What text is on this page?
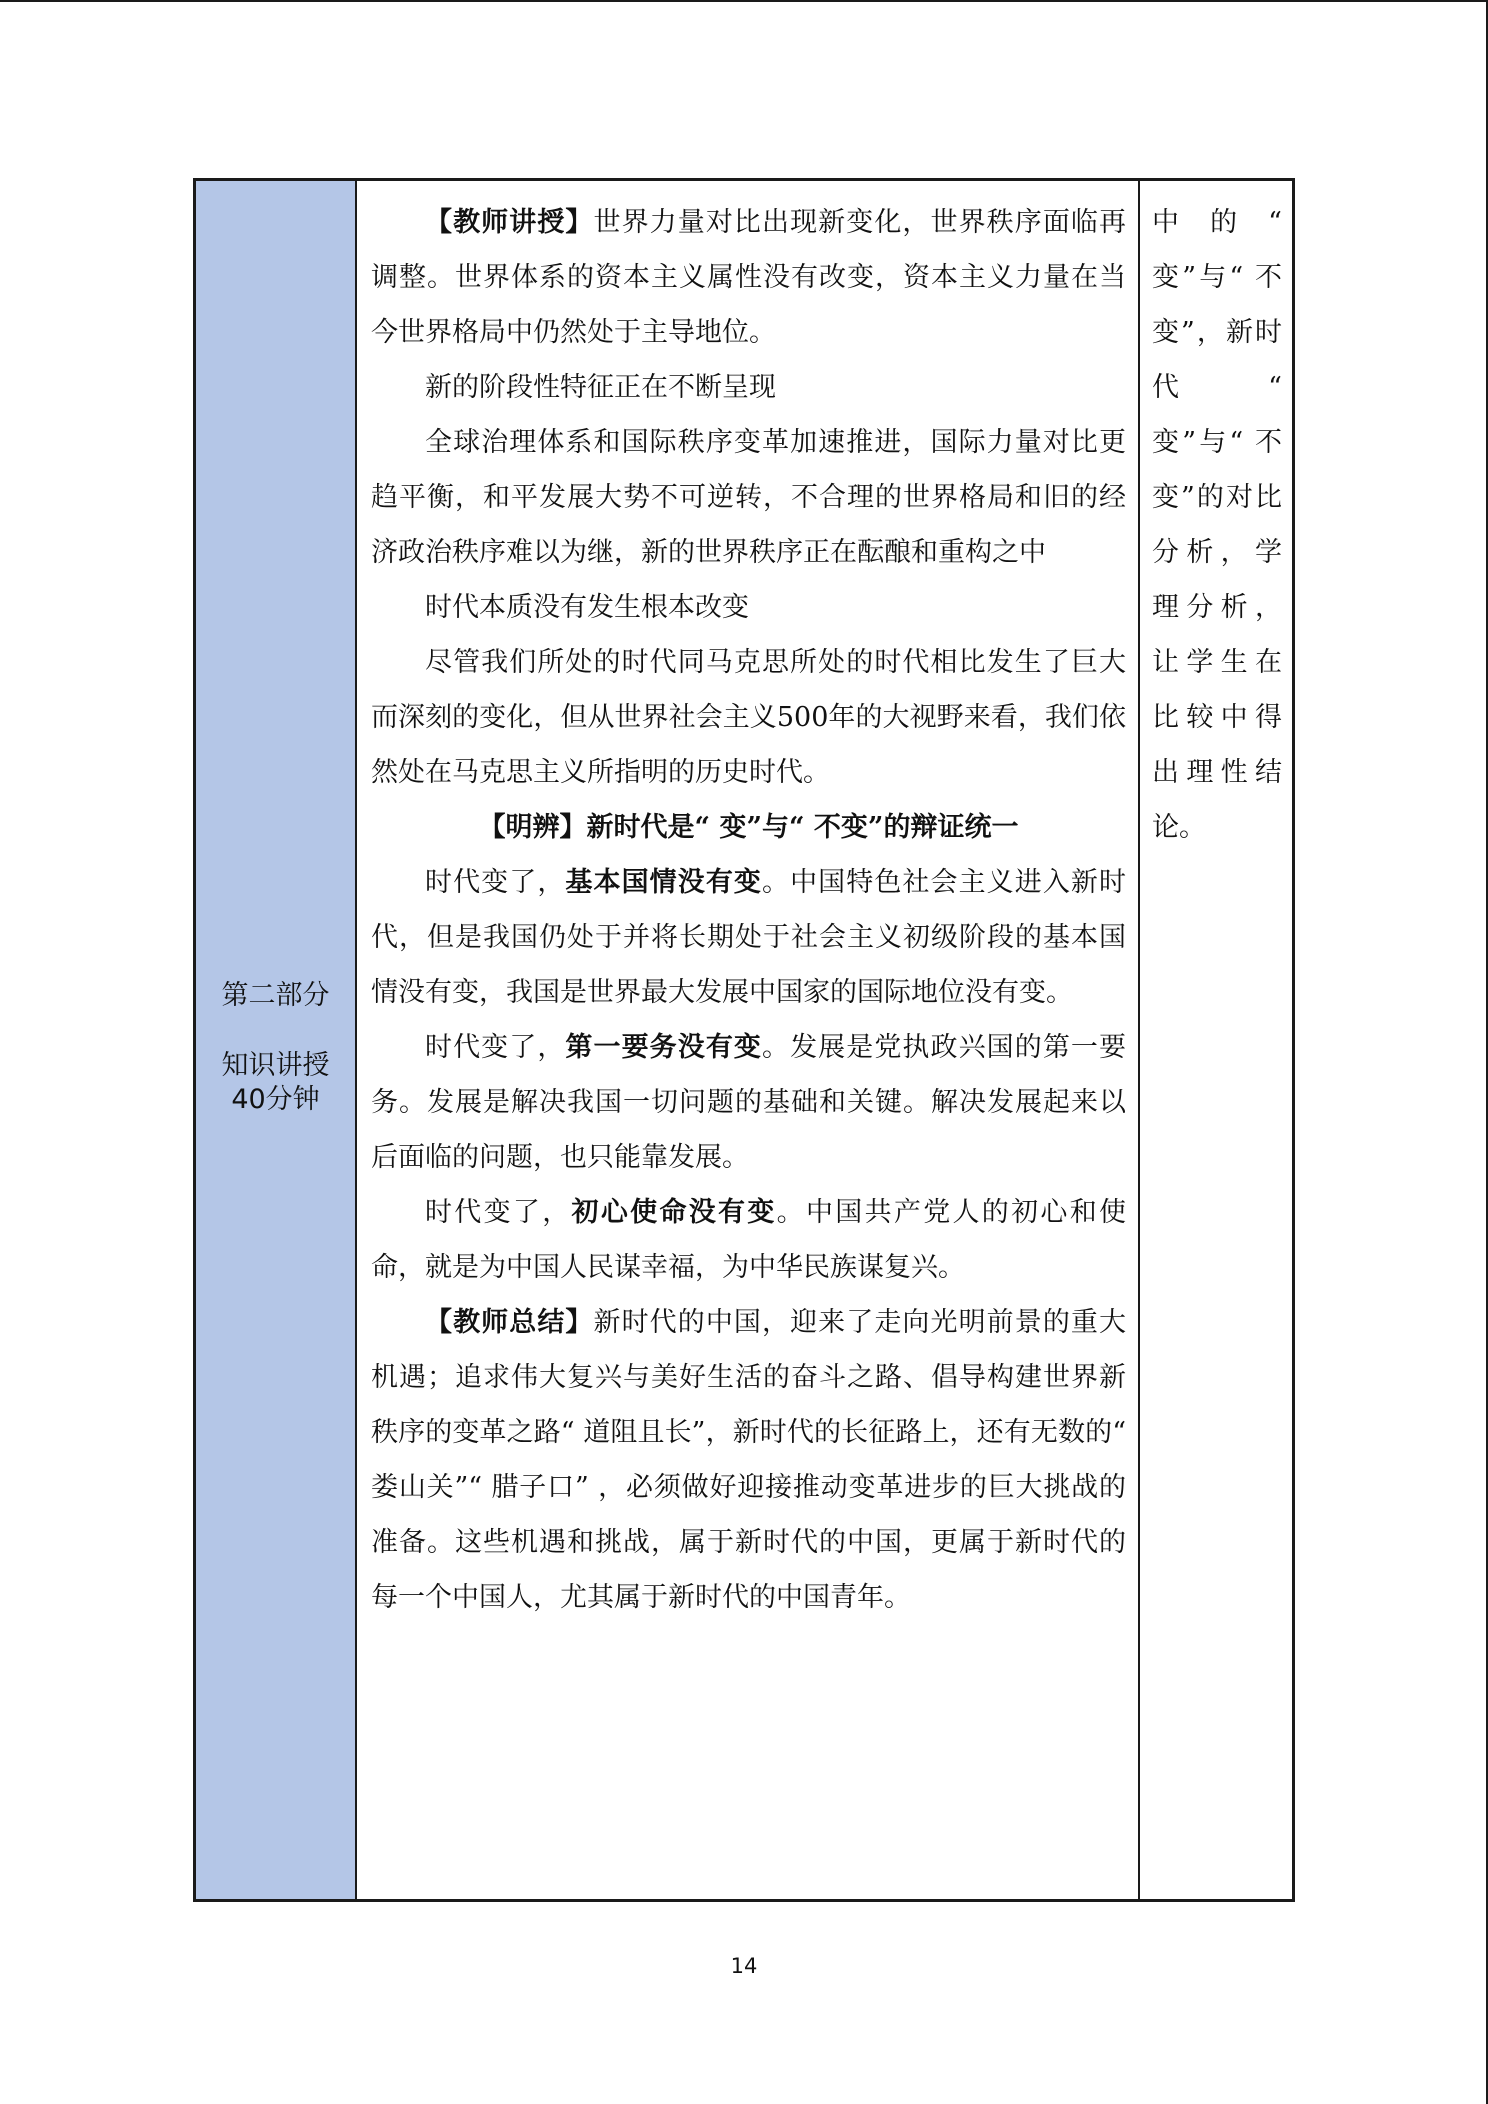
第二部分
知识讲授
40分钟

【教师讲授】世界力量对比出现新变化，世界秩序面临再调整。世界体系的资本主义属性没有改变，资本主义力量在当今世界格局中仍然处于主导地位。

新的阶段性特征正在不断呈现

全球治理体系和国际秩序变革加速推进，国际力量对比更趋平衡，和平发展大势不可逆转，不合理的世界格局和旧的经济政治秩序难以为继，新的世界秩序正在酝酿和重构之中

时代本质没有发生根本改变

尽管我们所处的时代同马克思所处的时代相比发生了巨大而深刻的变化，但从世界社会主义500年的大视野来看，我们依然处在马克思主义所指明的历史时代。

【明辨】新时代是“ 变”与“ 不变”的辩证统一

时代变了，基本国情没有变。中国特色社会主义进入新时代，但是我国仍处于并将长期处于社会主义初级阶段的基本国情没有变，我国是世界最大发展中国家的国际地位没有变。

时代变了，第一要务没有变。发展是党执政兴国的第一要务。发展是解决我国一切问题的基础和关键。解决发展起来以后面临的问题，也只能靠发展。

时代变了，初心使命没有变。中国共产党人的初心和使命，就是为中国人民谋幸福，为中华民族谋复兴。

【教师总结】新时代的中国，迎来了走向光明前景的重大机遇；追求伟大复兴与美好生活的奋斗之路、倡导构建世界新秩序的变革之路“ 道阻且长”，新时代的长征路上，还有无数的“ 娄山关”“ 腊子口” ，必须做好迎接推动变革进步的巨大挑战的准备。这些机遇和挑战，属于新时代的中国，更属于新时代的每一个中国人，尤其属于新时代的中国青年。

中的“ 变”与“ 不变”，新时代“ 变”与“ 不变”的对比分析，学理分析，让学生在比较中得出理性结论。
14
